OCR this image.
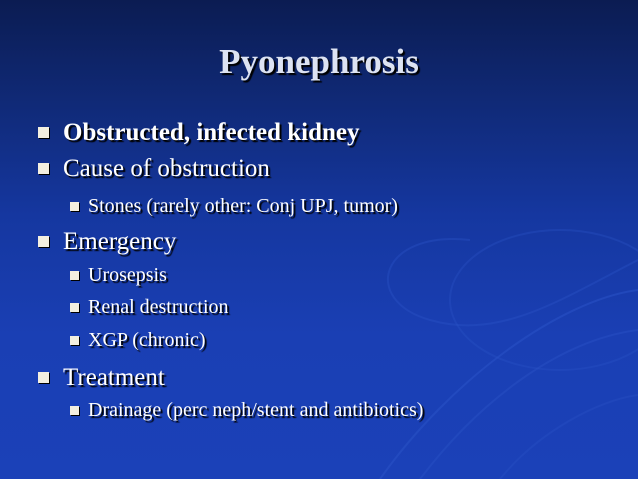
Pyonephrosis
Obstructed, infected kidney
Cause of obstruction
Stones (rarely other: Conj UPJ, tumor)
Emergency
Urosepsis
Renal destruction
XGP (chronic)
Treatment
Drainage (perc neph/stent and antibiotics)
